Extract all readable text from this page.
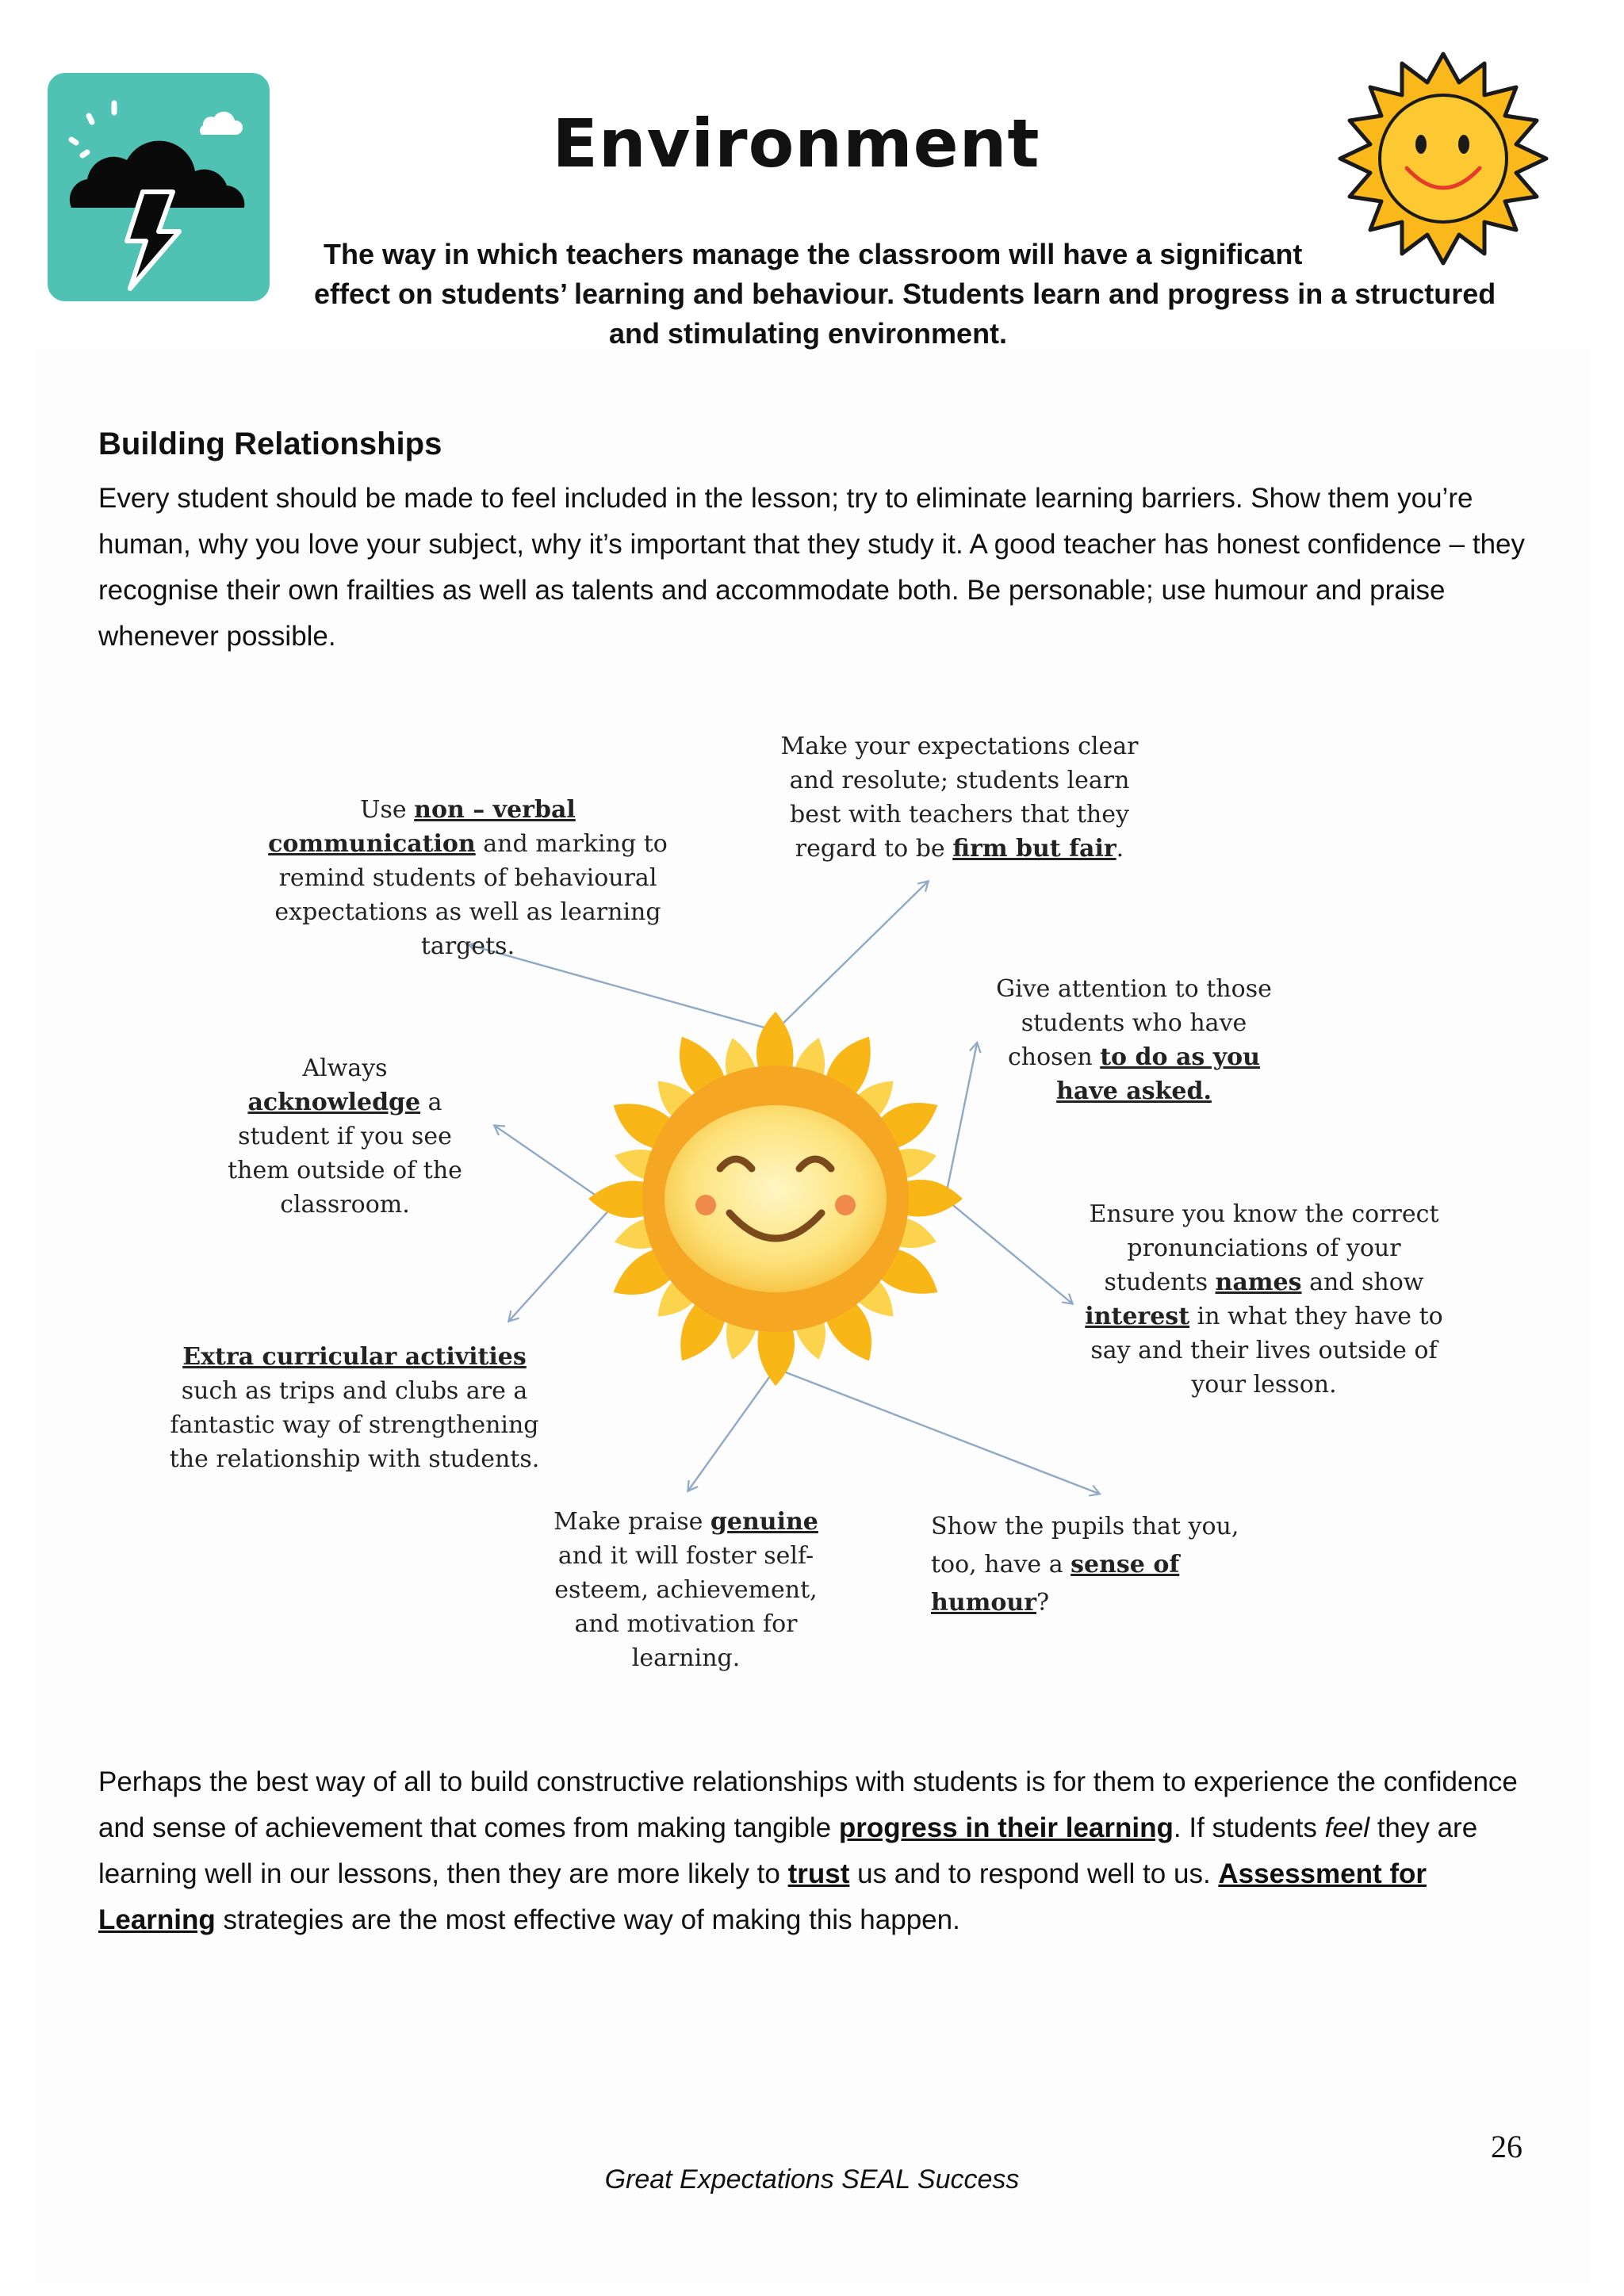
Environment
The way in which teachers manage the classroom will have a significant
effect on students’ learning and behaviour. Students learn and progress in a structured
and stimulating environment.
Building Relationships
Every student should be made to feel included in the lesson; try to eliminate learning barriers. Show them you’re human, why you love your subject, why it’s important that they study it. A good teacher has honest confidence – they recognise their own frailties as well as talents and accommodate both. Be personable; use humour and praise whenever possible.
Use non – verbal communication and marking to remind students of behavioural expectations as well as learning targets.
Make your expectations clear and resolute; students learn best with teachers that they regard to be firm but fair.
Give attention to those students who have chosen to do as you have asked.
Always acknowledge a student if you see them outside of the classroom.	Ensure you know the correct pronunciations of your students names and show interest in what they have to say and their lives outside of your lesson.
Extra curricular activities such as trips and clubs are a fantastic way of strengthening the relationship with students.
Make praise genuine and it will foster self-esteem, achievement, and motivation for learning.
Show the pupils that you, too, have a sense of humour?
Perhaps the best way of all to build constructive relationships with students is for them to experience the confidence and sense of achievement that comes from making tangible progress in their learning. If students feel they are learning well in our lessons, then they are more likely to trust us and to respond well to us. Assessment for Learning strategies are the most effective way of making this happen.
26
Great Expectations SEAL Success
